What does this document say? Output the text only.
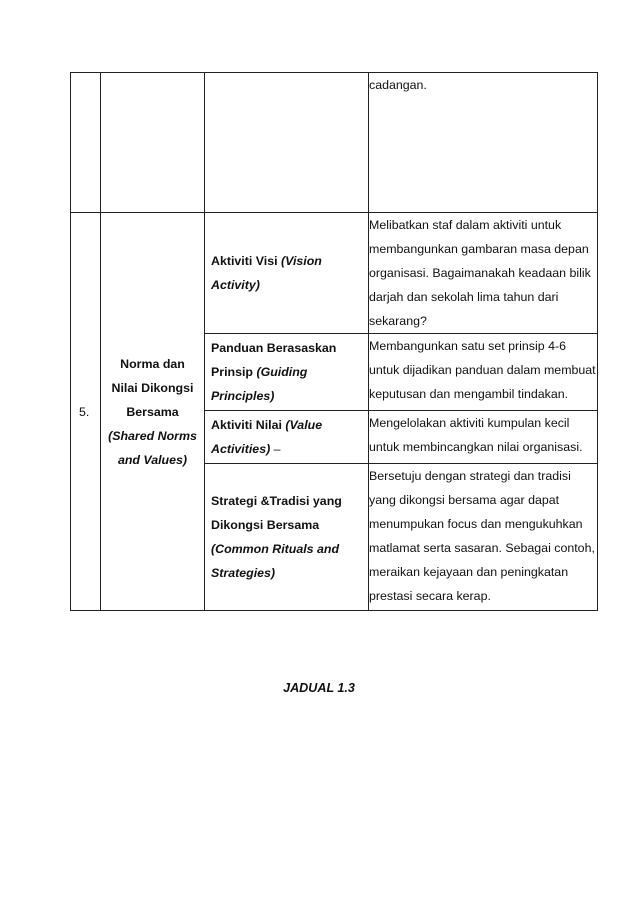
			cadangan.
5.	Norma dan
Nilai Dikongsi
Bersama
(Shared Norms
and Values)	Aktiviti Visi (Vision Activity)	Melibatkan staf dalam aktiviti untuk membangunkan gambaran masa depan organisasi. Bagaimanakah keadaan bilik darjah dan sekolah lima tahun dari sekarang?
		Panduan Berasaskan Prinsip (Guiding Principles)	Membangunkan satu set prinsip 4-6 untuk dijadikan panduan dalam membuat keputusan dan mengambil tindakan.
		Aktiviti Nilai (Value Activities) –	Mengelolakan aktiviti kumpulan kecil untuk membincangkan nilai organisasi.
		Strategi &Tradisi yang Dikongsi Bersama (Common Rituals and Strategies)	Bersetuju dengan strategi dan tradisi yang dikongsi bersama agar dapat menumpukan focus dan mengukuhkan matlamat serta sasaran. Sebagai contoh, meraikan kejayaan dan peningkatan prestasi secara kerap.
JADUAL 1.3
